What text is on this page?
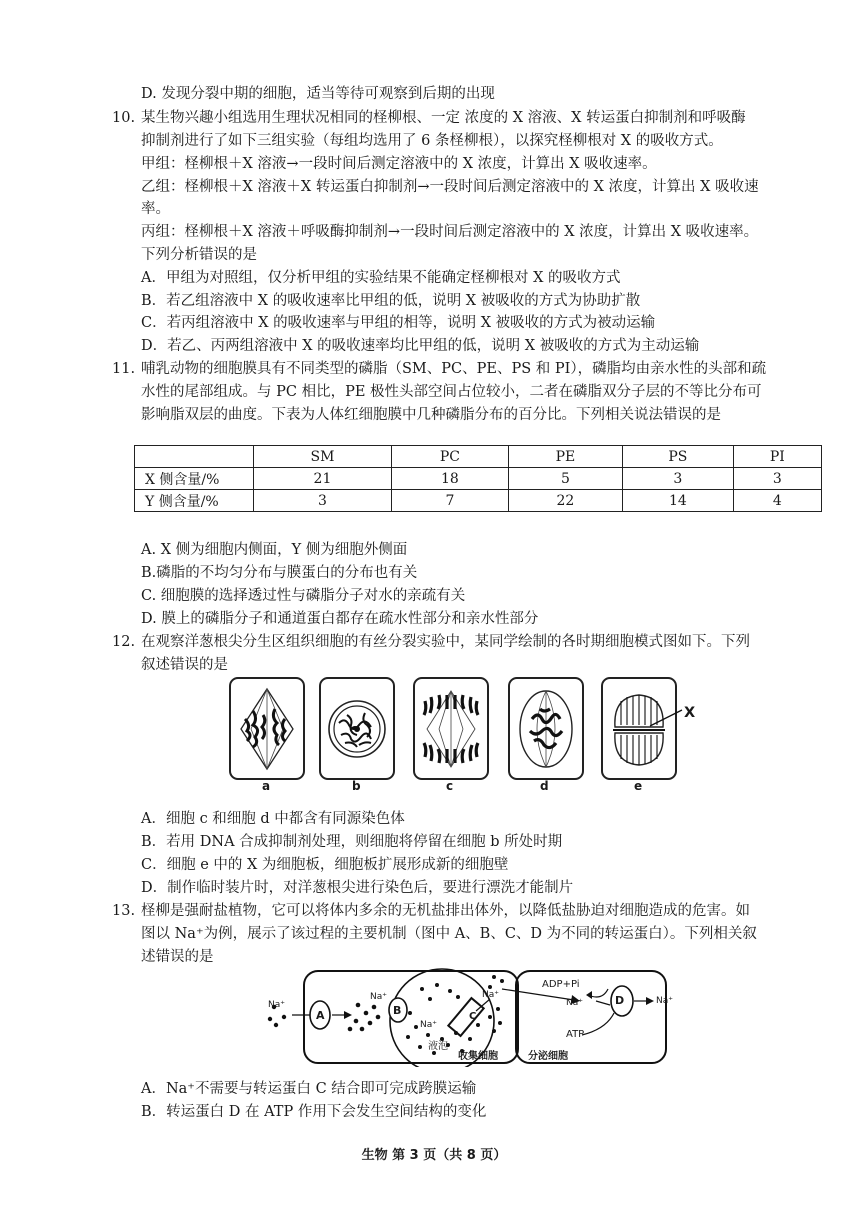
D. 发现分裂中期的细胞，适当等待可观察到后期的出现
10. 某生物兴趣小组选用生理状况相同的柽柳根、一定 浓度的 X 溶液、X 转运蛋白抑制剂和呼吸酶
抑制剂进行了如下三组实验（每组均选用了 6 条柽柳根），以探究柽柳根对 X 的吸收方式。
甲组：柽柳根＋X 溶液→一段时间后测定溶液中的 X 浓度，计算出 X 吸收速率。
乙组：柽柳根＋X 溶液＋X 转运蛋白抑制剂→一段时间后测定溶液中的 X 浓度，计算出 X 吸收速
率。
丙组：柽柳根＋X 溶液＋呼吸酶抑制剂→一段时间后测定溶液中的 X 浓度，计算出 X 吸收速率。
下列分析错误的是
A．甲组为对照组，仅分析甲组的实验结果不能确定柽柳根对 X 的吸收方式
B．若乙组溶液中 X 的吸收速率比甲组的低，说明 X 被吸收的方式为协助扩散
C．若丙组溶液中 X 的吸收速率与甲组的相等，说明 X 被吸收的方式为被动运输
D．若乙、丙两组溶液中 X 的吸收速率均比甲组的低，说明 X 被吸收的方式为主动运输
11. 哺乳动物的细胞膜具有不同类型的磷脂（SM、PC、PE、PS 和 PI），磷脂均由亲水性的头部和疏
水性的尾部组成。与 PC 相比，PE 极性头部空间占位较小，二者在磷脂双分子层的不等比分布可
影响脂双层的曲度。下表为人体红细胞膜中几种磷脂分布的百分比。下列相关说法错误的是
	SM	PC	PE	PS	PI
X 侧含量/%	21	18	5	3	3
Y 侧含量/%	3	7	22	14	4
A. X 侧为细胞内侧面，Y 侧为细胞外侧面
B.磷脂的不均匀分布与膜蛋白的分布也有关
C. 细胞膜的选择透过性与磷脂分子对水的亲疏有关
D. 膜上的磷脂分子和通道蛋白都存在疏水性部分和亲水性部分
12. 在观察洋葱根尖分生区组织细胞的有丝分裂实验中，某同学绘制的各时期细胞模式图如下。下列
叙述错误的是
X
a	b	c	d	e
A．细胞 c 和细胞 d 中都含有同源染色体
B．若用 DNA 合成抑制剂处理，则细胞将停留在细胞 b 所处时期
C．细胞 e 中的 X 为细胞板，细胞板扩展形成新的细胞壁
D．制作临时装片时，对洋葱根尖进行染色后，要进行漂洗才能制片
13. 柽柳是强耐盐植物，它可以将体内多余的无机盐排出体外，以降低盐胁迫对细胞造成的危害。如
图以 Na⁺为例，展示了该过程的主要机制（图中 A、B、C、D 为不同的转运蛋白）。下列相关叙
述错误的是
Na⁺
A
Na⁺
B
Na⁺
C
Na⁺
液泡
收集细胞
ADP+Pi
Na⁺
ATP
D	Na⁺
分泌细胞
A．Na⁺不需要与转运蛋白 C 结合即可完成跨膜运输
B．转运蛋白 D 在 ATP 作用下会发生空间结构的变化
生物 第 3 页（共 8 页）
